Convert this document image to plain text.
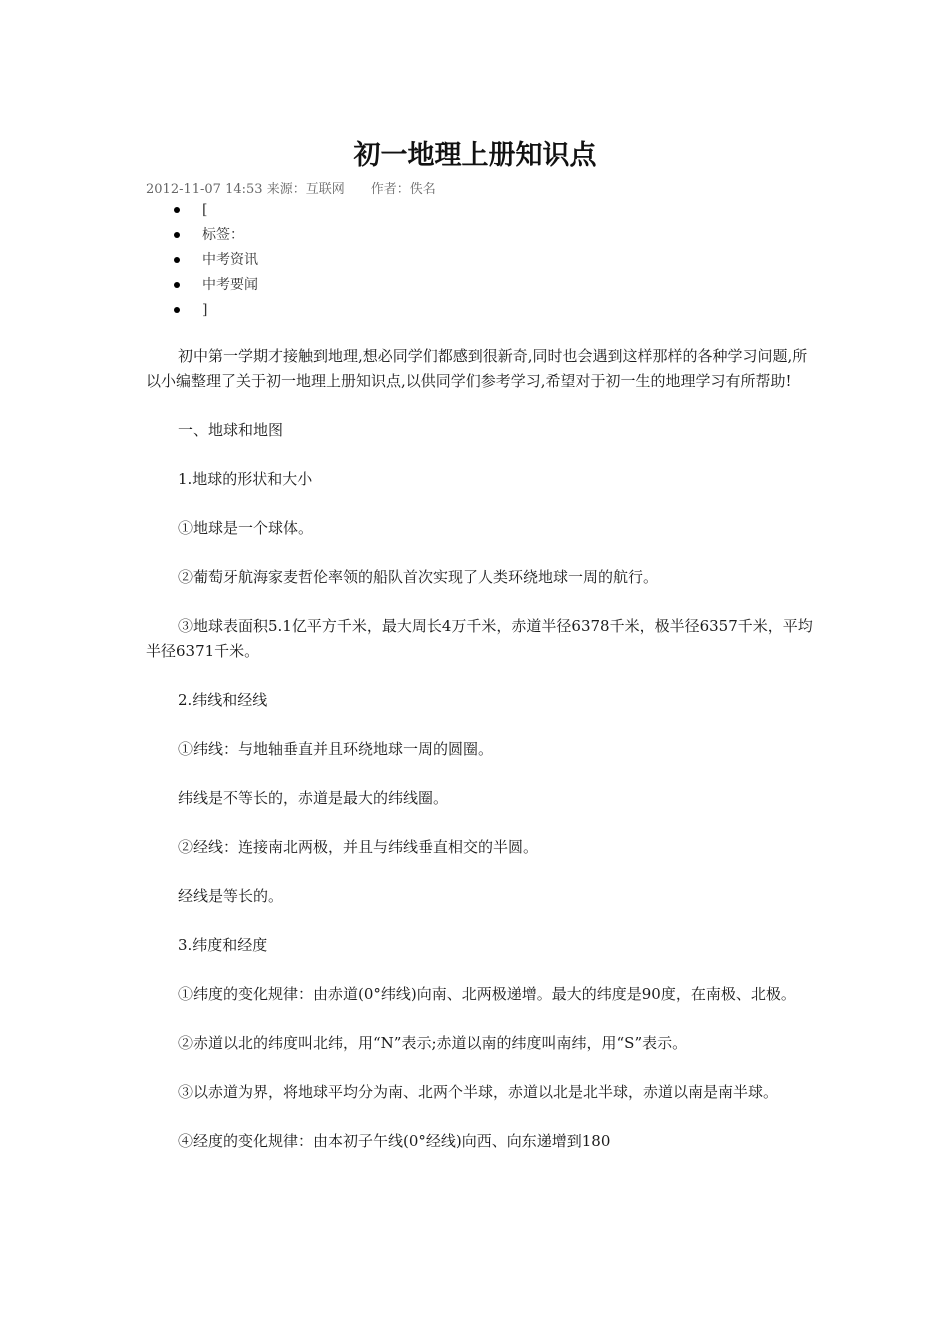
初一地理上册知识点
2012-11-07 14:53 来源：互联网 作者：佚名
[
标签：
中考资讯
中考要闻
]

初中第一学期才接触到地理,想必同学们都感到很新奇,同时也会遇到这样那样的各种学习问题,所以小编整理了关于初一地理上册知识点,以供同学们参考学习,希望对于初一生的地理学习有所帮助!

一、地球和地图

1.地球的形状和大小

①地球是一个球体。

②葡萄牙航海家麦哲伦率领的船队首次实现了人类环绕地球一周的航行。

③地球表面积5.1亿平方千米，最大周长4万千米，赤道半径6378千米，极半径6357千米，平均半径6371千米。

2.纬线和经线

①纬线：与地轴垂直并且环绕地球一周的圆圈。

纬线是不等长的，赤道是最大的纬线圈。

②经线：连接南北两极，并且与纬线垂直相交的半圆。

经线是等长的。

3.纬度和经度

①纬度的变化规律：由赤道(0°纬线)向南、北两极递增。最大的纬度是90度，在南极、北极。

②赤道以北的纬度叫北纬，用“N”表示;赤道以南的纬度叫南纬，用“S”表示。

③以赤道为界，将地球平均分为南、北两个半球，赤道以北是北半球，赤道以南是南半球。

④经度的变化规律：由本初子午线(0°经线)向西、向东递增到180
